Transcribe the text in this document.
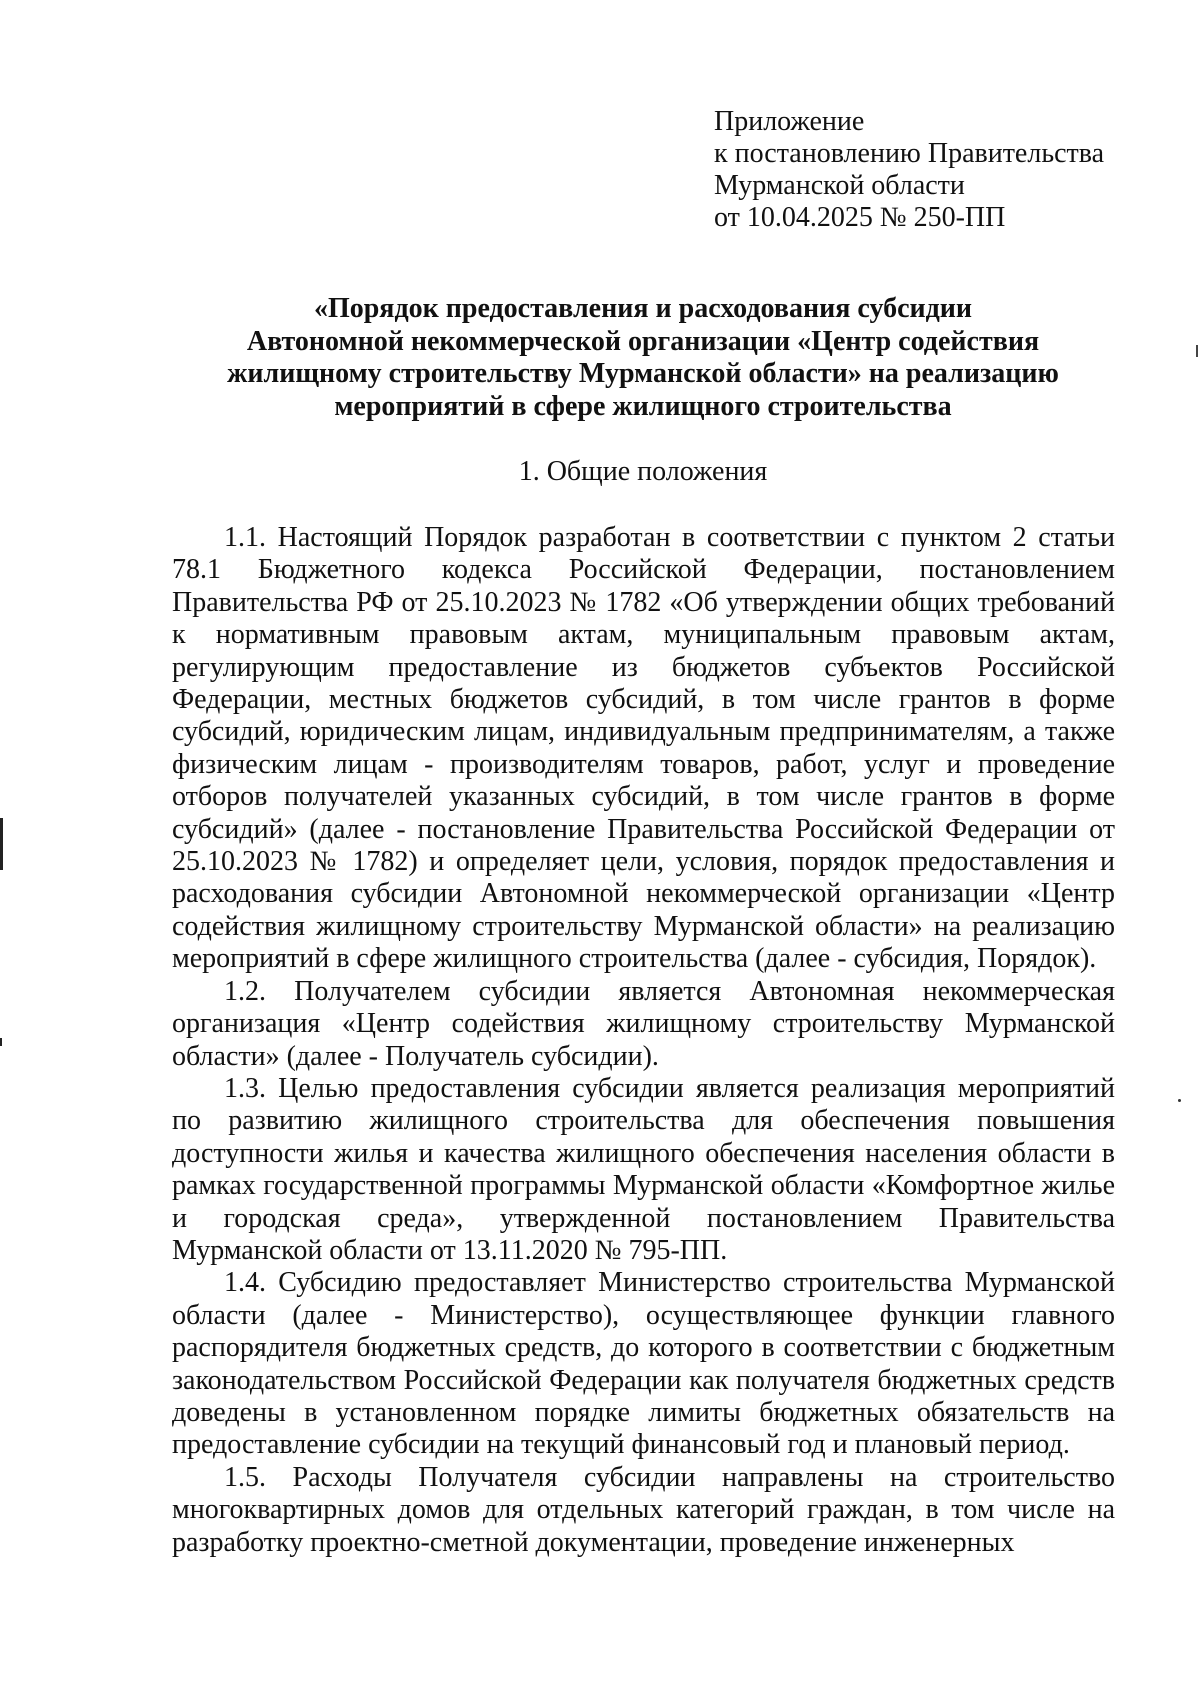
Приложение
к постановлению Правительства
Мурманской области
от 10.04.2025 № 250-ПП
«Порядок предоставления и расходования субсидии
Автономной некоммерческой организации «Центр содействия
жилищному строительству Мурманской области» на реализацию
мероприятий в сфере жилищного строительства
1. Общие положения

1.1. Настоящий Порядок разработан в соответствии с пунктом 2 статьи 78.1 Бюджетного кодекса Российской Федерации, постановлением Правительства РФ от 25.10.2023 № 1782 «Об утверждении общих требований к нормативным правовым актам, муниципальным правовым актам, регулирующим предоставление из бюджетов субъектов Российской Федерации, местных бюджетов субсидий, в том числе грантов в форме субсидий, юридическим лицам, индивидуальным предпринимателям, а также физическим лицам - производителям товаров, работ, услуг и проведение отборов получателей указанных субсидий, в том числе грантов в форме субсидий» (далее - постановление Правительства Российской Федерации от 25.10.2023 № 1782) и определяет цели, условия, порядок предоставления и расходования субсидии Автономной некоммерческой организации «Центр содействия жилищному строительству Мурманской области» на реализацию мероприятий в сфере жилищного строительства (далее - субсидия, Порядок).

1.2. Получателем субсидии является Автономная некоммерческая организация «Центр содействия жилищному строительству Мурманской области» (далее - Получатель субсидии).

1.3. Целью предоставления субсидии является реализация мероприятий по развитию жилищного строительства для обеспечения повышения доступности жилья и качества жилищного обеспечения населения области в рамках государственной программы Мурманской области «Комфортное жилье и городская среда», утвержденной постановлением Правительства Мурманской области от 13.11.2020 № 795-ПП.

1.4. Субсидию предоставляет Министерство строительства Мурманской области (далее - Министерство), осуществляющее функции главного распорядителя бюджетных средств, до которого в соответствии с бюджетным законодательством Российской Федерации как получателя бюджетных средств доведены в установленном порядке лимиты бюджетных обязательств на предоставление субсидии на текущий финансовый год и плановый период.

1.5. Расходы Получателя субсидии направлены на строительство многоквартирных домов для отдельных категорий граждан, в том числе на разработку проектно-сметной документации, проведение инженерных
